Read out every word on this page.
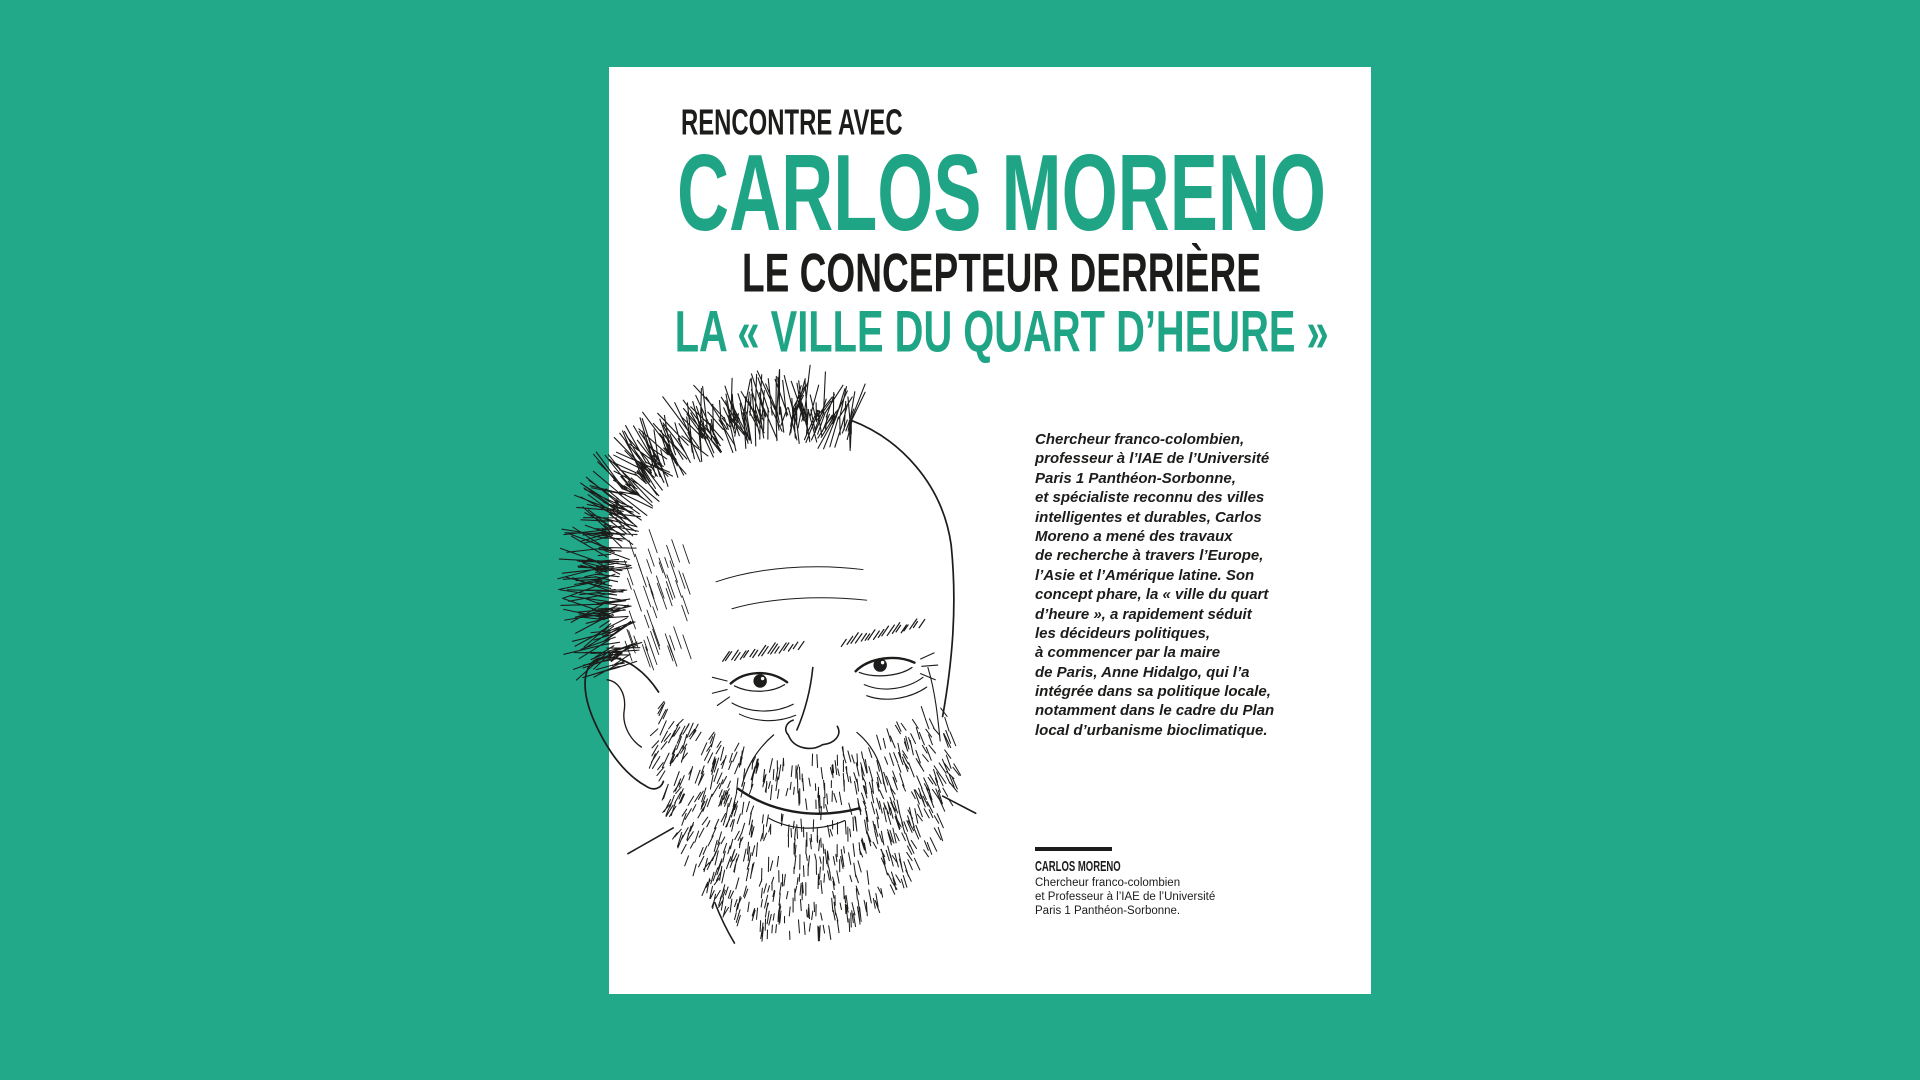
RENCONTRE AVEC
CARLOS MORENO
LE CONCEPTEUR DERRIÈRE
LA « VILLE DU QUART D’HEURE »
Chercheur franco-colombien,
professeur à l’IAE de l’Université
Paris 1 Panthéon-Sorbonne,
et spécialiste reconnu des villes
intelligentes et durables, Carlos
Moreno a mené des travaux
de recherche à travers l’Europe,
l’Asie et l’Amérique latine. Son
concept phare, la « ville du quart
d’heure », a rapidement séduit
les décideurs politiques,
à commencer par la maire
de Paris, Anne Hidalgo, qui l’a
intégrée dans sa politique locale,
notamment dans le cadre du Plan
local d’urbanisme bioclimatique.
CARLOS MORENO
Chercheur franco-colombien
et Professeur à l’IAE de l’Université
Paris 1 Panthéon-Sorbonne.
